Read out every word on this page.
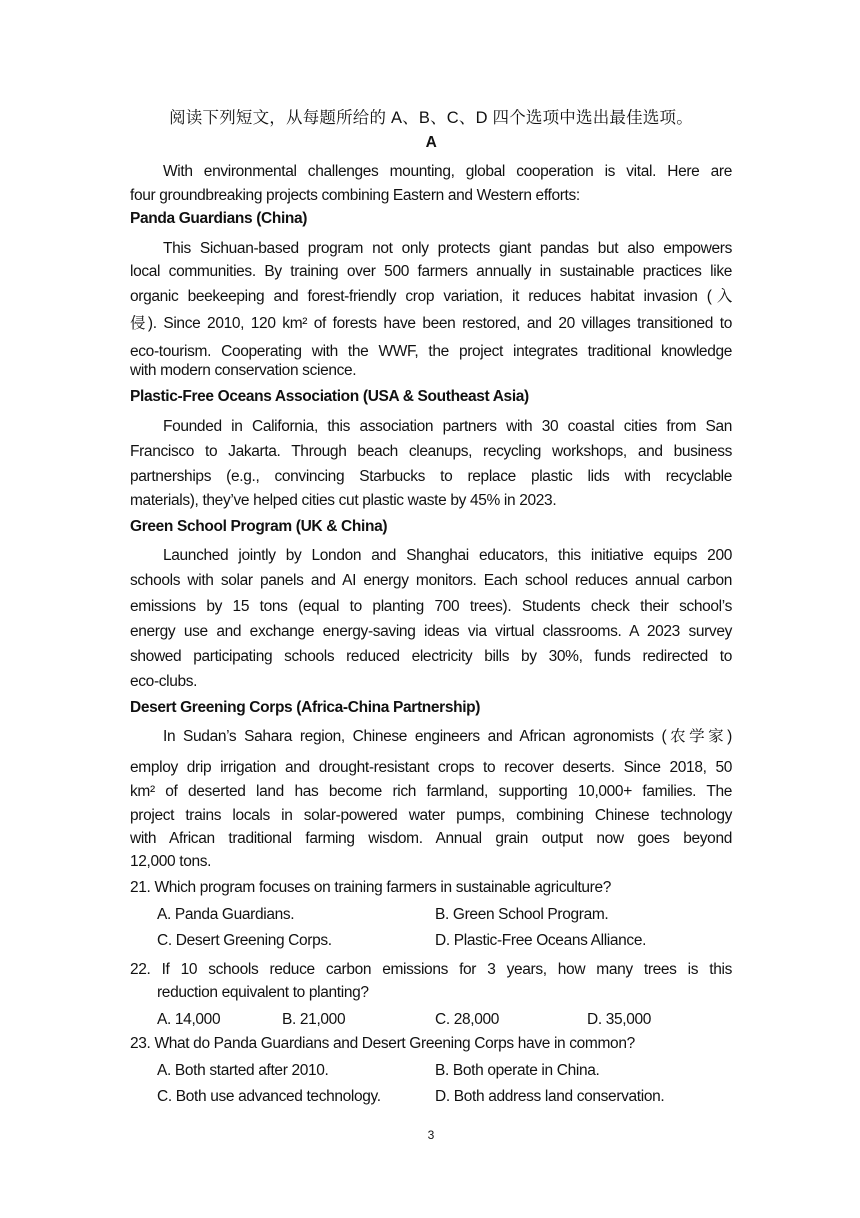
阅读下列短文，从每题所给的 A、B、C、D 四个选项中选出最佳选项。
A
With environmental challenges mounting, global cooperation is vital. Here are
four groundbreaking projects combining Eastern and Western efforts:
Panda Guardians (China)
This Sichuan-based program not only protects giant pandas but also empowers
local communities. By training over 500 farmers annually in sustainable practices like
organic beekeeping and forest-friendly crop variation, it reduces habitat invasion (入
侵). Since 2010, 120 km² of forests have been restored, and 20 villages transitioned to
eco-tourism. Cooperating with the WWF, the project integrates traditional knowledge
with modern conservation science.
Plastic-Free Oceans Association (USA & Southeast Asia)
Founded in California, this association partners with 30 coastal cities from San
Francisco to Jakarta. Through beach cleanups, recycling workshops, and business
partnerships (e.g., convincing Starbucks to replace plastic lids with recyclable
materials), they’ve helped cities cut plastic waste by 45% in 2023.
Green School Program (UK & China)
Launched jointly by London and Shanghai educators, this initiative equips 200
schools with solar panels and AI energy monitors. Each school reduces annual carbon
emissions by 15 tons (equal to planting 700 trees). Students check their school’s
energy use and exchange energy-saving ideas via virtual classrooms. A 2023 survey
showed participating schools reduced electricity bills by 30%, funds redirected to
eco-clubs.
Desert Greening Corps (Africa-China Partnership)
In Sudan’s Sahara region, Chinese engineers and African agronomists (农学家)
employ drip irrigation and drought-resistant crops to recover deserts. Since 2018, 50
km² of deserted land has become rich farmland, supporting 10,000+ families. The
project trains locals in solar-powered water pumps, combining Chinese technology
with African traditional farming wisdom. Annual grain output now goes beyond
12,000 tons.
21. Which program focuses on training farmers in sustainable agriculture?
A. Panda Guardians.	B. Green School Program.
C. Desert Greening Corps.	D. Plastic-Free Oceans Alliance.
22. If 10 schools reduce carbon emissions for 3 years, how many trees is this
reduction equivalent to planting?
A. 14,000	B. 21,000	C. 28,000	D. 35,000
23. What do Panda Guardians and Desert Greening Corps have in common?
A. Both started after 2010.	B. Both operate in China.
C. Both use advanced technology.	D. Both address land conservation.
3
